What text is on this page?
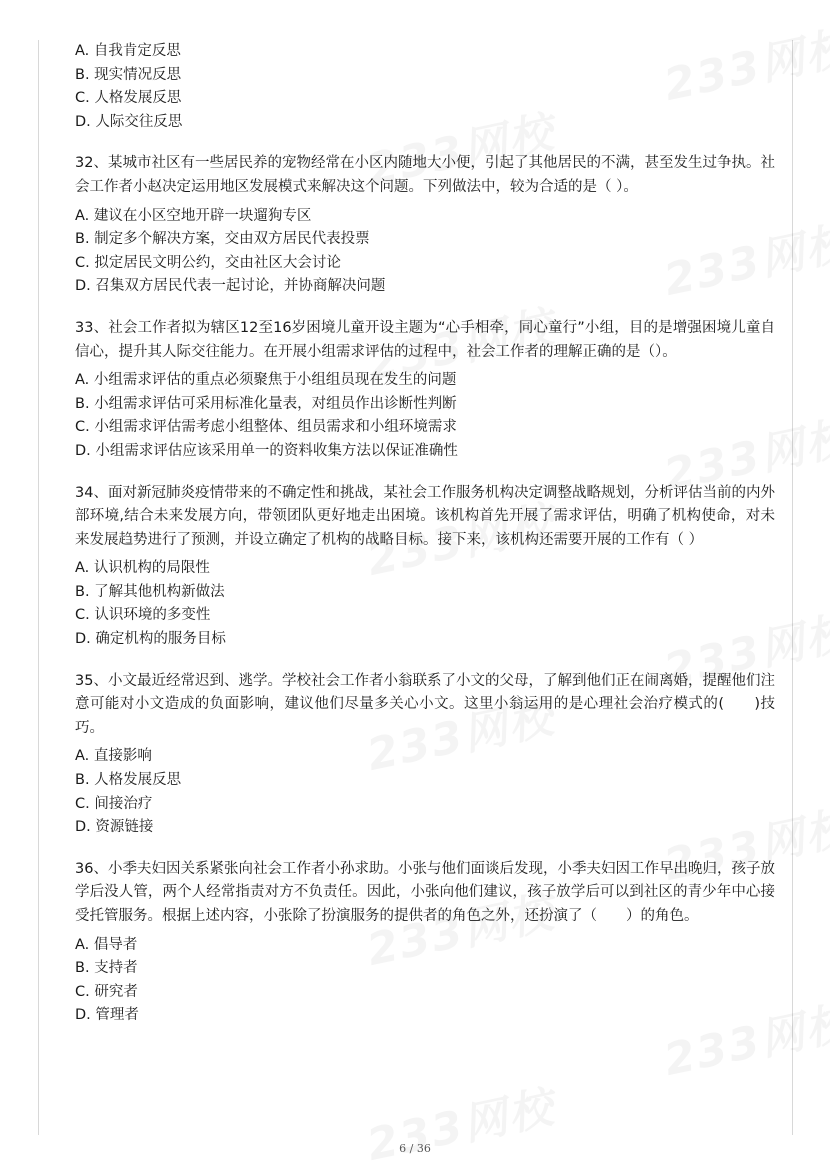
A. 自我肯定反思
B. 现实情况反思
C. 人格发展反思
D. 人际交往反思
32、某城市社区有一些居民养的宠物经常在小区内随地大小便，引起了其他居民的不满，甚至发生过争执。社会工作者小赵决定运用地区发展模式来解决这个问题。下列做法中，较为合适的是（ ）。
A. 建议在小区空地开辟一块遛狗专区
B. 制定多个解决方案，交由双方居民代表投票
C. 拟定居民文明公约，交由社区大会讨论
D. 召集双方居民代表一起讨论，并协商解决问题
33、社会工作者拟为辖区12至16岁困境儿童开设主题为“心手相牵，同心童行”小组，目的是增强困境儿童自信心，提升其人际交往能力。在开展小组需求评估的过程中，社会工作者的理解正确的是（）。
A. 小组需求评估的重点必须聚焦于小组组员现在发生的问题
B. 小组需求评估可采用标准化量表，对组员作出诊断性判断
C. 小组需求评估需考虑小组整体、组员需求和小组环境需求
D. 小组需求评估应该采用单一的资料收集方法以保证准确性
34、面对新冠肺炎疫情带来的不确定性和挑战，某社会工作服务机构决定调整战略规划，分析评估当前的内外部环境,结合未来发展方向，带领团队更好地走出困境。该机构首先开展了需求评估，明确了机构使命，对未来发展趋势进行了预测，并设立确定了机构的战略目标。接下来，该机构还需要开展的工作有（ ）
A. 认识机构的局限性
B. 了解其他机构新做法
C. 认识环境的多变性
D. 确定机构的服务目标
35、小文最近经常迟到、逃学。学校社会工作者小翁联系了小文的父母，了解到他们正在闹离婚，提醒他们注意可能对小文造成的负面影响，建议他们尽量多关心小文。这里小翁运用的是心理社会治疗模式的(　　)技巧。
A. 直接影响
B. 人格发展反思
C. 间接治疗
D. 资源链接
36、小季夫妇因关系紧张向社会工作者小孙求助。小张与他们面谈后发现，小季夫妇因工作早出晚归，孩子放学后没人管，两个人经常指责对方不负责任。因此，小张向他们建议，孩子放学后可以到社区的青少年中心接受托管服务。根据上述内容，小张除了扮演服务的提供者的角色之外，还扮演了（　　）的角色。
A. 倡导者
B. 支持者
C. 研究者
D. 管理者
6 / 36
